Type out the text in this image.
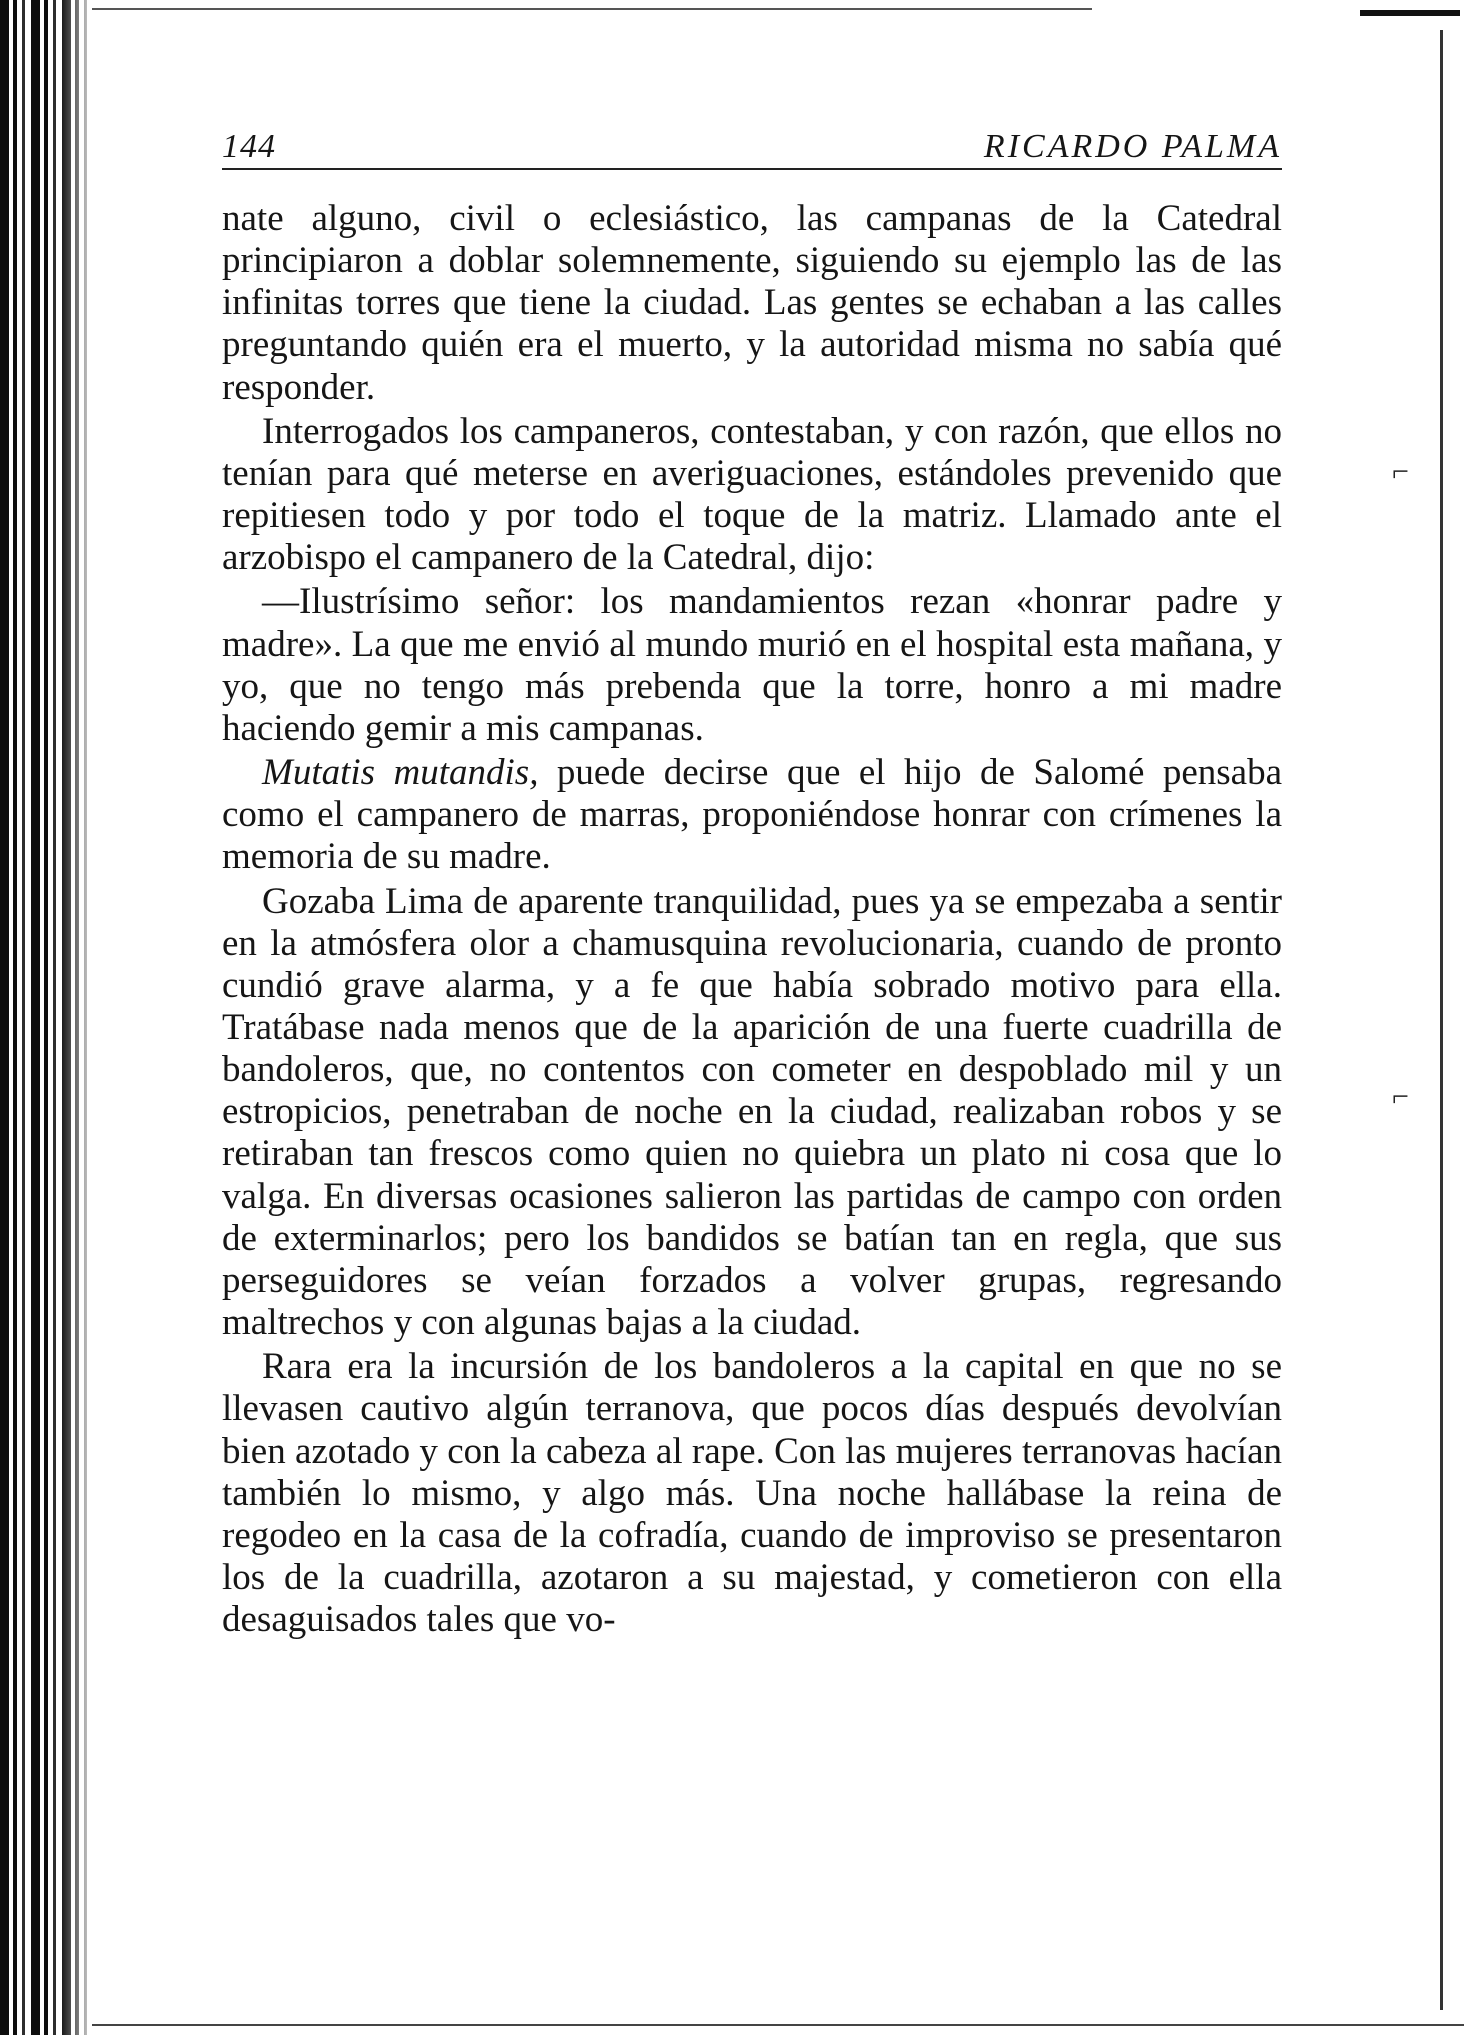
⌐
⌐
144	RICARDO PALMA

nate alguno, civil o eclesiástico, las campanas de la Catedral principiaron a doblar solemnemente, siguiendo su ejemplo las de las infinitas torres que tiene la ciudad. Las gentes se echaban a las calles preguntando quién era el muerto, y la autoridad misma no sabía qué responder.

Interrogados los campaneros, contestaban, y con razón, que ellos no tenían para qué meterse en averiguaciones, estándoles prevenido que repitiesen todo y por todo el toque de la matriz. Llamado ante el arzobispo el campanero de la Catedral, dijo:

—Ilustrísimo señor: los mandamientos rezan «honrar padre y madre». La que me envió al mundo murió en el hospital esta mañana, y yo, que no tengo más prebenda que la torre, honro a mi madre haciendo gemir a mis campanas.

Mutatis mutandis, puede decirse que el hijo de Salomé pensaba como el campanero de marras, proponiéndose honrar con crímenes la memoria de su madre.

Gozaba Lima de aparente tranquilidad, pues ya se empezaba a sentir en la atmósfera olor a chamusquina revolucionaria, cuando de pronto cundió grave alarma, y a fe que había sobrado motivo para ella. Tratábase nada menos que de la aparición de una fuerte cuadrilla de bandoleros, que, no contentos con cometer en despoblado mil y un estropicios, penetraban de noche en la ciudad, realizaban robos y se retiraban tan frescos como quien no quiebra un plato ni cosa que lo valga. En diversas ocasiones salieron las partidas de campo con orden de exterminarlos; pero los bandidos se batían tan en regla, que sus perseguidores se veían forzados a volver grupas, regresando maltrechos y con algunas bajas a la ciudad.

Rara era la incursión de los bandoleros a la capital en que no se llevasen cautivo algún terranova, que pocos días después devolvían bien azotado y con la cabeza al rape. Con las mujeres terranovas hacían también lo mismo, y algo más. Una noche hallábase la reina de regodeo en la casa de la cofradía, cuando de improviso se presentaron los de la cuadrilla, azotaron a su majestad, y cometieron con ella desaguisados tales que vo-
